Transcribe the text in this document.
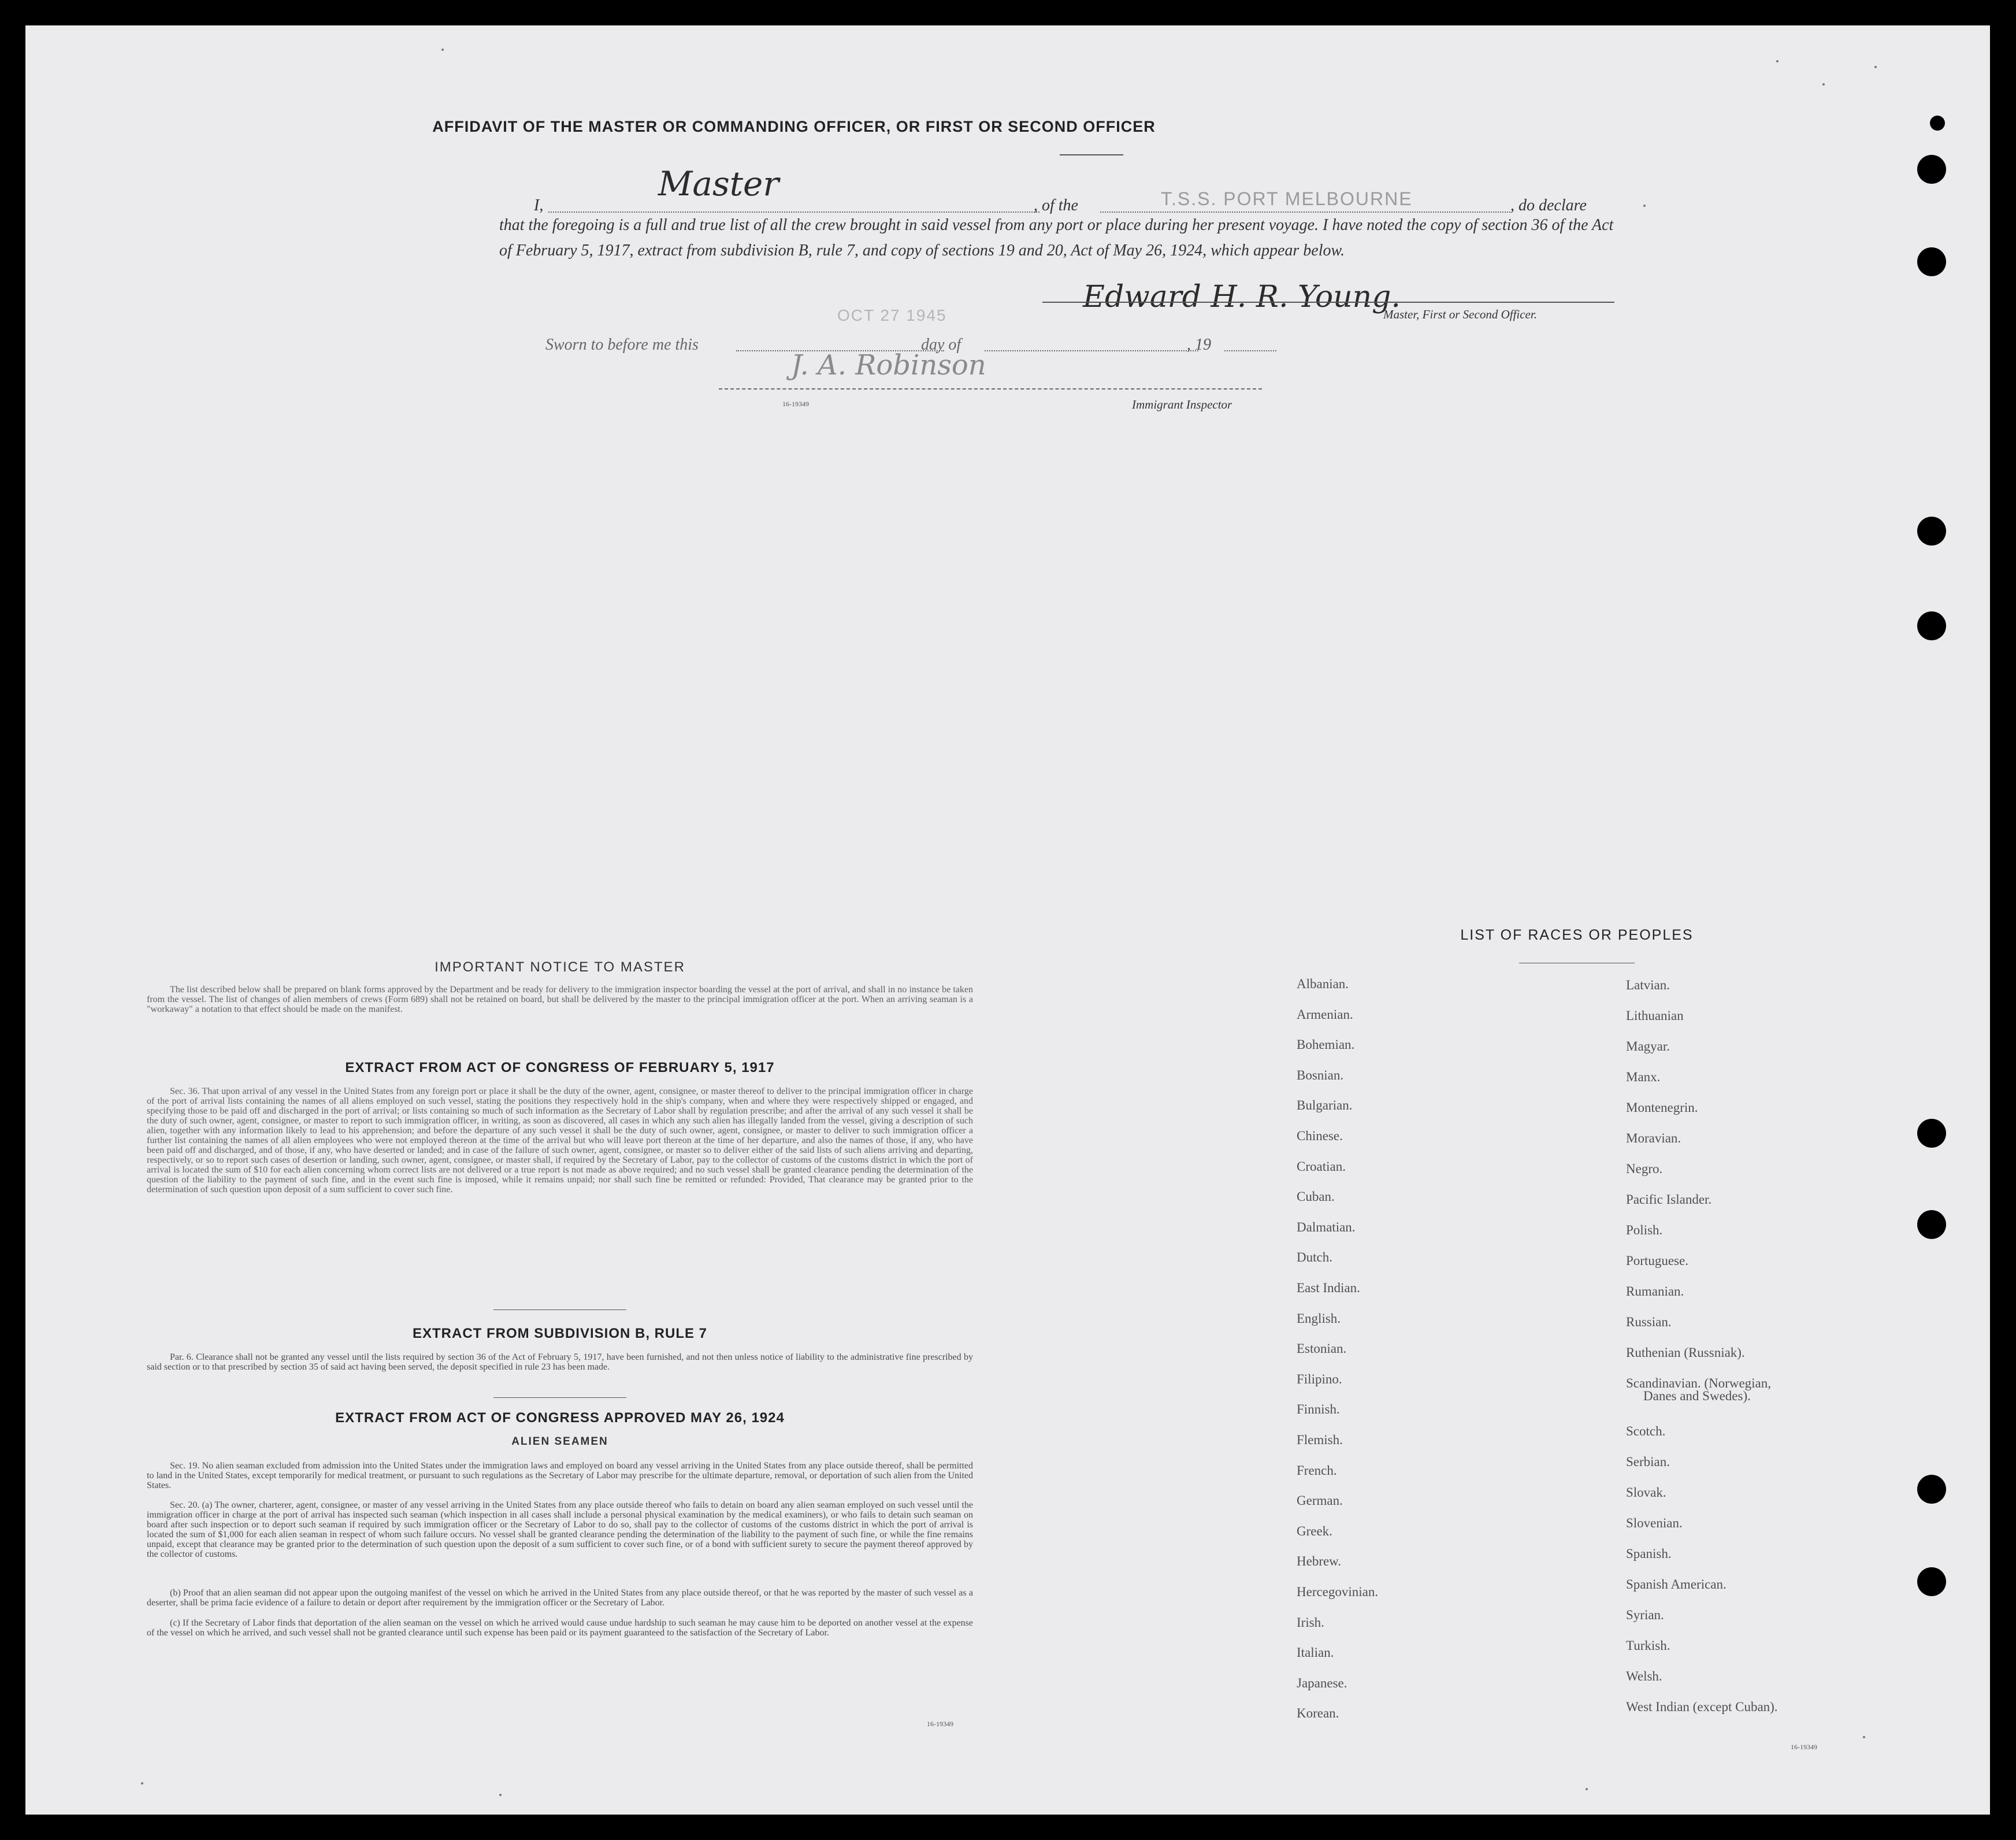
AFFIDAVIT OF THE MASTER OR COMMANDING OFFICER, OR FIRST OR SECOND OFFICER
I,
Master
, of the	T.S.S. PORT MELBOURNE	, do declare
that the foregoing is a full and true list of all the crew brought in said vessel from any port or place during her present voyage. I have noted the copy of section 36 of the Act of February 5, 1917, extract from subdivision B, rule 7, and copy of sections 19 and 20, Act of May 26, 1924, which appear below.
Edward H. R. Young.
Master, First or Second Officer.
OCT 27 1945
Sworn to before me this	day of	, 19
J. A. Robinson
16-19349	Immigrant Inspector
IMPORTANT NOTICE TO MASTER
The list described below shall be prepared on blank forms approved by the Department and be ready for delivery to the immigration inspector boarding the vessel at the port of arrival, and shall in no instance be taken from the vessel. The list of changes of alien members of crews (Form 689) shall not be retained on board, but shall be delivered by the master to the principal immigration officer at the port. When an arriving seaman is a "workaway" a notation to that effect should be made on the manifest.
EXTRACT FROM ACT OF CONGRESS OF FEBRUARY 5, 1917
Sec. 36. That upon arrival of any vessel in the United States from any foreign port or place it shall be the duty of the owner, agent, consignee, or master thereof to deliver to the principal immigration officer in charge of the port of arrival lists containing the names of all aliens employed on such vessel, stating the positions they respectively hold in the ship's company, when and where they were respectively shipped or engaged, and specifying those to be paid off and discharged in the port of arrival; or lists containing so much of such information as the Secretary of Labor shall by regulation prescribe; and after the arrival of any such vessel it shall be the duty of such owner, agent, consignee, or master to report to such immigration officer, in writing, as soon as discovered, all cases in which any such alien has illegally landed from the vessel, giving a description of such alien, together with any information likely to lead to his apprehension; and before the departure of any such vessel it shall be the duty of such owner, agent, consignee, or master to deliver to such immigration officer a further list containing the names of all alien employees who were not employed thereon at the time of the arrival but who will leave port thereon at the time of her departure, and also the names of those, if any, who have been paid off and discharged, and of those, if any, who have deserted or landed; and in case of the failure of such owner, agent, consignee, or master so to deliver either of the said lists of such aliens arriving and departing, respectively, or so to report such cases of desertion or landing, such owner, agent, consignee, or master shall, if required by the Secretary of Labor, pay to the collector of customs of the customs district in which the port of arrival is located the sum of $10 for each alien concerning whom correct lists are not delivered or a true report is not made as above required; and no such vessel shall be granted clearance pending the determination of the question of the liability to the payment of such fine, and in the event such fine is imposed, while it remains unpaid; nor shall such fine be remitted or refunded: Provided, That clearance may be granted prior to the determination of such question upon deposit of a sum sufficient to cover such fine.
EXTRACT FROM SUBDIVISION B, RULE 7
Par. 6. Clearance shall not be granted any vessel until the lists required by section 36 of the Act of February 5, 1917, have been furnished, and not then unless notice of liability to the administrative fine prescribed by said section or to that prescribed by section 35 of said act having been served, the deposit specified in rule 23 has been made.
EXTRACT FROM ACT OF CONGRESS APPROVED MAY 26, 1924
ALIEN SEAMEN
Sec. 19. No alien seaman excluded from admission into the United States under the immigration laws and employed on board any vessel arriving in the United States from any place outside thereof, shall be permitted to land in the United States, except temporarily for medical treatment, or pursuant to such regulations as the Secretary of Labor may prescribe for the ultimate departure, removal, or deportation of such alien from the United States.
Sec. 20. (a) The owner, charterer, agent, consignee, or master of any vessel arriving in the United States from any place outside thereof who fails to detain on board any alien seaman employed on such vessel until the immigration officer in charge at the port of arrival has inspected such seaman (which inspection in all cases shall include a personal physical examination by the medical examiners), or who fails to detain such seaman on board after such inspection or to deport such seaman if required by such immigration officer or the Secretary of Labor to do so, shall pay to the collector of customs of the customs district in which the port of arrival is located the sum of $1,000 for each alien seaman in respect of whom such failure occurs. No vessel shall be granted clearance pending the determination of the liability to the payment of such fine, or while the fine remains unpaid, except that clearance may be granted prior to the determination of such question upon the deposit of a sum sufficient to cover such fine, or of a bond with sufficient surety to secure the payment thereof approved by the collector of customs.
(b) Proof that an alien seaman did not appear upon the outgoing manifest of the vessel on which he arrived in the United States from any place outside thereof, or that he was reported by the master of such vessel as a deserter, shall be prima facie evidence of a failure to detain or deport after requirement by the immigration officer or the Secretary of Labor.
(c) If the Secretary of Labor finds that deportation of the alien seaman on the vessel on which he arrived would cause undue hardship to such seaman he may cause him to be deported on another vessel at the expense of the vessel on which he arrived, and such vessel shall not be granted clearance until such expense has been paid or its payment guaranteed to the satisfaction of the Secretary of Labor.
16-19349
LIST OF RACES OR PEOPLES
Albanian.
Armenian.
Bohemian.
Bosnian.
Bulgarian.
Chinese.
Croatian.
Cuban.
Dalmatian.
Dutch.
East Indian.
English.
Estonian.
Filipino.
Finnish.
Flemish.
French.
German.
Greek.
Hebrew.
Hercegovinian.
Irish.
Italian.
Japanese.
Korean.
Latvian.
Lithuanian
Magyar.
Manx.
Montenegrin.
Moravian.
Negro.
Pacific Islander.
Polish.
Portuguese.
Rumanian.
Russian.
Ruthenian (Russniak).
Scandinavian. (Norwegian,
Danes and Swedes).
Scotch.
Serbian.
Slovak.
Slovenian.
Spanish.
Spanish American.
Syrian.
Turkish.
Welsh.
West Indian (except Cuban).
16-19349
